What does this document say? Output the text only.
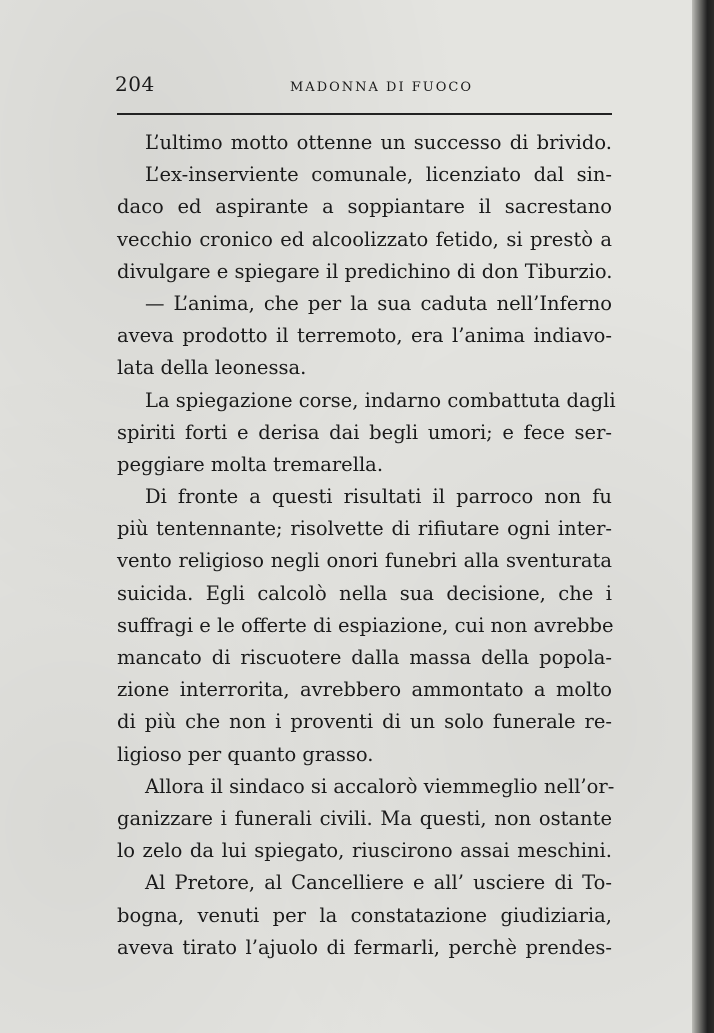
204	MADONNA DI FUOCO
L’ultimo motto ottenne un successo di brivido.
L’ex-inserviente comunale, licenziato dal sin-
daco ed aspirante a soppiantare il sacrestano
vecchio cronico ed alcoolizzato fetido, si prestò a
divulgare e spiegare il predichino di don Tiburzio.
— L’anima, che per la sua caduta nell’Inferno
aveva prodotto il terremoto, era l’anima indiavo-
lata della leonessa.
La spiegazione corse, indarno combattuta dagli
spiriti forti e derisa dai begli umori; e fece ser-
peggiare molta tremarella.
Di fronte a questi risultati il parroco non fu
più tentennante; risolvette di rifiutare ogni inter-
vento religioso negli onori funebri alla sventurata
suicida. Egli calcolò nella sua decisione, che i
suffragi e le offerte di espiazione, cui non avrebbe
mancato di riscuotere dalla massa della popola-
zione interrorita, avrebbero ammontato a molto
di più che non i proventi di un solo funerale re-
ligioso per quanto grasso.
Allora il sindaco si accalorò viemmeglio nell’or-
ganizzare i funerali civili. Ma questi, non ostante
lo zelo da lui spiegato, riuscirono assai meschini.
Al Pretore, al Cancelliere e all’ usciere di To-
bogna, venuti per la constatazione giudiziaria,
aveva tirato l’ajuolo di fermarli, perchè prendes-
